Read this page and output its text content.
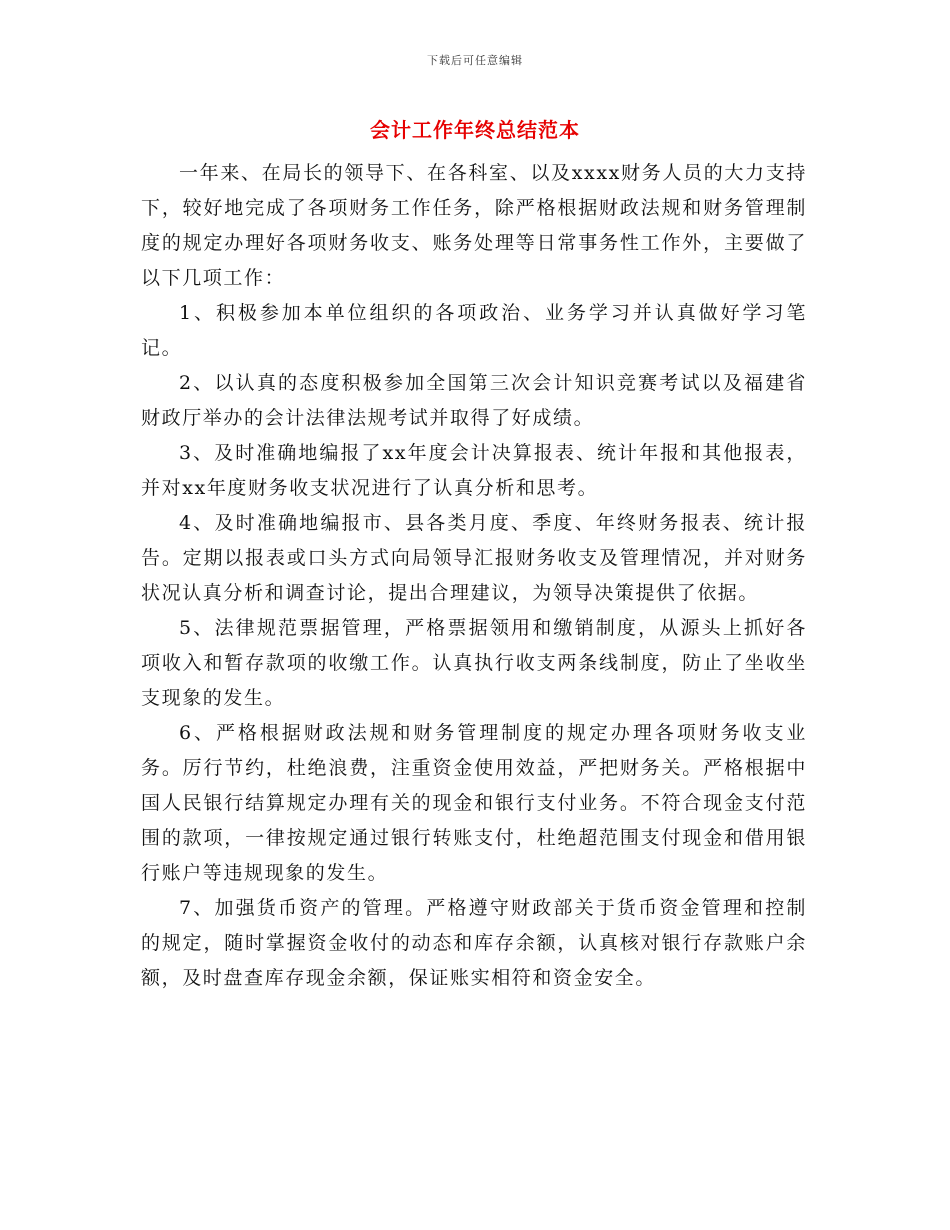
下载后可任意编辑
会计工作年终总结范本

一年来、在局长的领导下、在各科室、以及xxxx财务人员的大力支持下，较好地完成了各项财务工作任务，除严格根据财政法规和财务管理制度的规定办理好各项财务收支、账务处理等日常事务性工作外，主要做了以下几项工作：

1、积极参加本单位组织的各项政治、业务学习并认真做好学习笔记。

2、以认真的态度积极参加全国第三次会计知识竞赛考试以及福建省财政厅举办的会计法律法规考试并取得了好成绩。

3、及时准确地编报了xx年度会计决算报表、统计年报和其他报表，并对xx年度财务收支状况进行了认真分析和思考。

4、及时准确地编报市、县各类月度、季度、年终财务报表、统计报告。定期以报表或口头方式向局领导汇报财务收支及管理情况，并对财务状况认真分析和调查讨论，提出合理建议，为领导决策提供了依据。

5、法律规范票据管理，严格票据领用和缴销制度，从源头上抓好各项收入和暂存款项的收缴工作。认真执行收支两条线制度，防止了坐收坐支现象的发生。

6、严格根据财政法规和财务管理制度的规定办理各项财务收支业务。厉行节约，杜绝浪费，注重资金使用效益，严把财务关。严格根据中国人民银行结算规定办理有关的现金和银行支付业务。不符合现金支付范围的款项，一律按规定通过银行转账支付，杜绝超范围支付现金和借用银行账户等违规现象的发生。

7、加强货币资产的管理。严格遵守财政部关于货币资金管理和控制的规定，随时掌握资金收付的动态和库存余额，认真核对银行存款账户余额，及时盘查库存现金余额，保证账实相符和资金安全。
